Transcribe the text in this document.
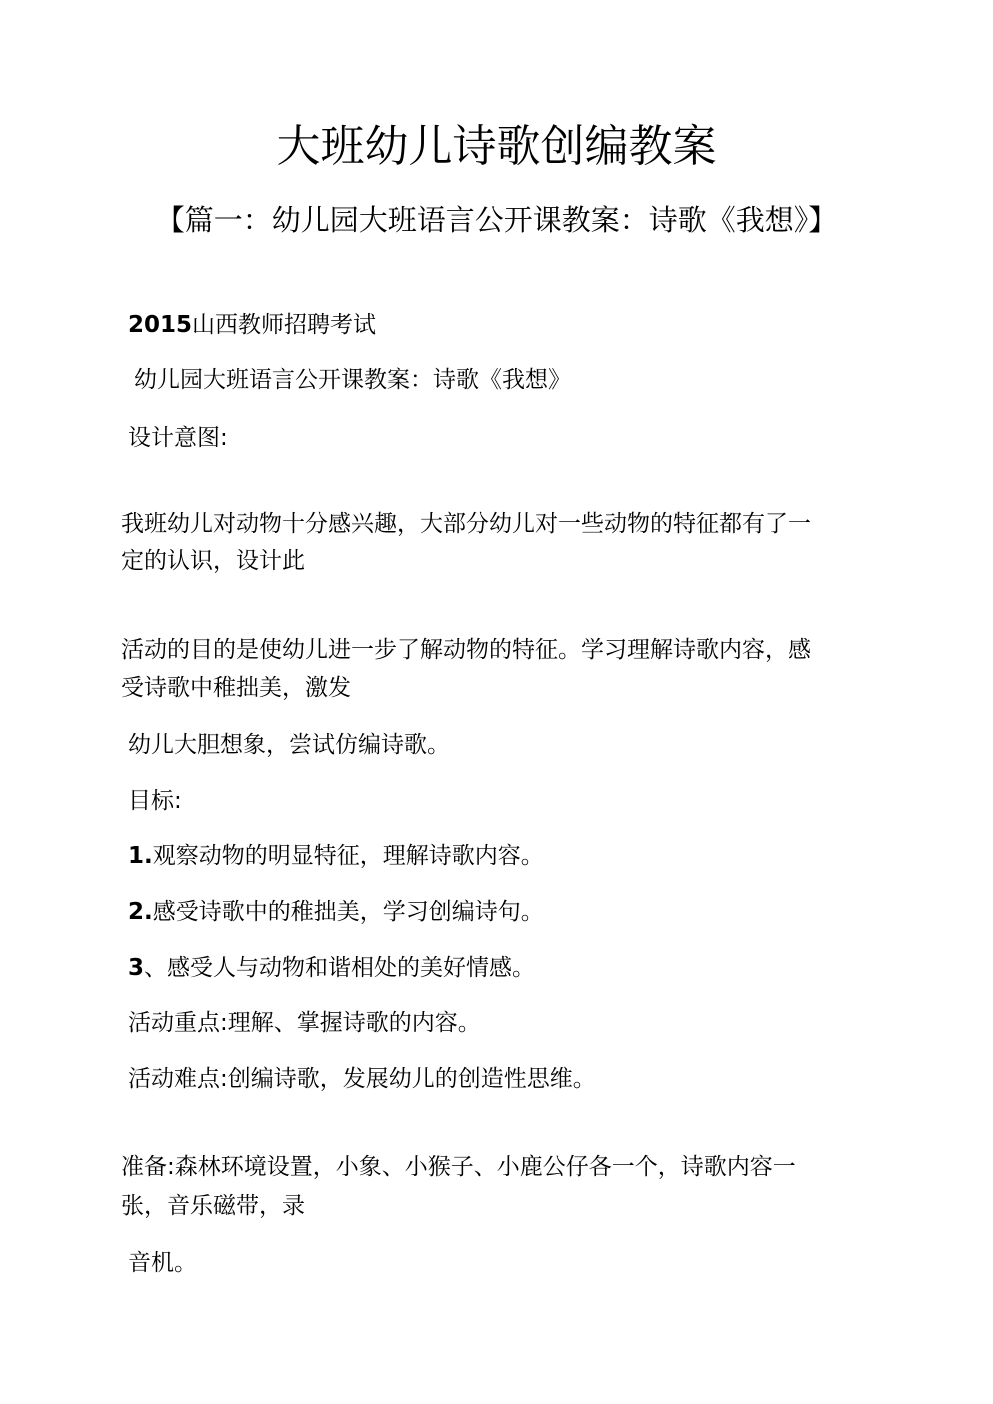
大班幼儿诗歌创编教案
【篇一：幼儿园大班语言公开课教案：诗歌《我想》】
2015山西教师招聘考试
幼儿园大班语言公开课教案：诗歌《我想》
设计意图:
我班幼儿对动物十分感兴趣，大部分幼儿对一些动物的特征都有了一
定的认识，设计此
活动的目的是使幼儿进一步了解动物的特征。学习理解诗歌内容，感
受诗歌中稚拙美，激发
幼儿大胆想象，尝试仿编诗歌。
目标:
1.观察动物的明显特征，理解诗歌内容。
2.感受诗歌中的稚拙美，学习创编诗句。
3、感受人与动物和谐相处的美好情感。
活动重点:理解、掌握诗歌的内容。
活动难点:创编诗歌，发展幼儿的创造性思维。
准备:森林环境设置，小象、小猴子、小鹿公仔各一个，诗歌内容一
张，音乐磁带，录
音机。
